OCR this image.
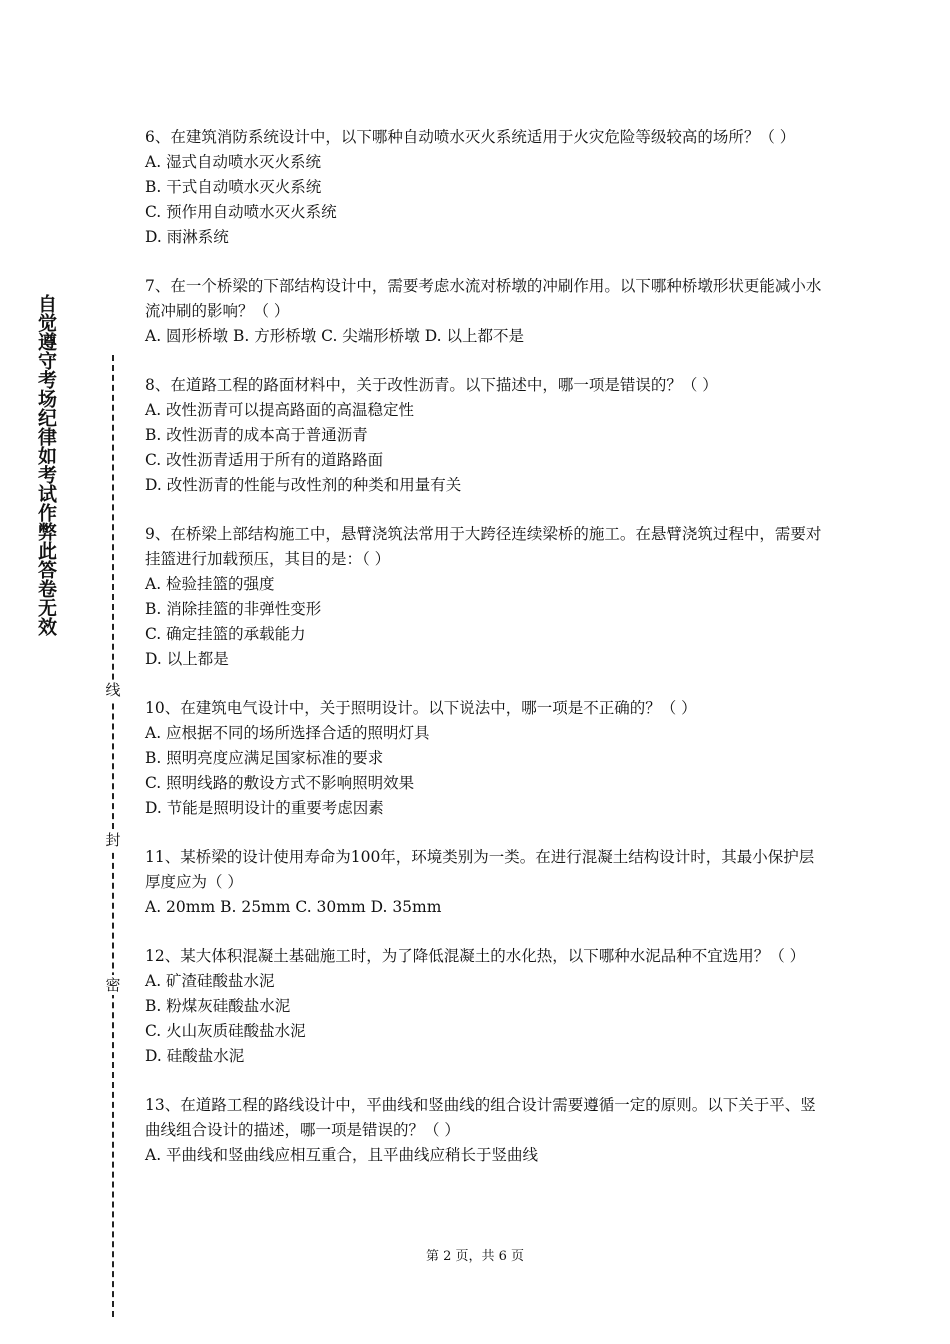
自觉遵守考场纪律如考试作弊此答卷无效
线
封
密

6、在建筑消防系统设计中，以下哪种自动喷水灭火系统适用于火灾危险等级较高的场所？（ ）

A. 湿式自动喷水灭火系统

B. 干式自动喷水灭火系统

C. 预作用自动喷水灭火系统

D. 雨淋系统

7、在一个桥梁的下部结构设计中，需要考虑水流对桥墩的冲刷作用。以下哪种桥墩形状更能减小水流冲刷的影响？（ ）

A. 圆形桥墩 B. 方形桥墩 C. 尖端形桥墩 D. 以上都不是

8、在道路工程的路面材料中，关于改性沥青。以下描述中，哪一项是错误的？（ ）

A. 改性沥青可以提高路面的高温稳定性

B. 改性沥青的成本高于普通沥青

C. 改性沥青适用于所有的道路路面

D. 改性沥青的性能与改性剂的种类和用量有关

9、在桥梁上部结构施工中，悬臂浇筑法常用于大跨径连续梁桥的施工。在悬臂浇筑过程中，需要对挂篮进行加载预压，其目的是：（ ）

A. 检验挂篮的强度

B. 消除挂篮的非弹性变形

C. 确定挂篮的承载能力

D. 以上都是

10、在建筑电气设计中，关于照明设计。以下说法中，哪一项是不正确的？（ ）

A. 应根据不同的场所选择合适的照明灯具

B. 照明亮度应满足国家标准的要求

C. 照明线路的敷设方式不影响照明效果

D. 节能是照明设计的重要考虑因素

11、某桥梁的设计使用寿命为100年，环境类别为一类。在进行混凝土结构设计时，其最小保护层厚度应为（ ）

A. 20mm B. 25mm C. 30mm D. 35mm

12、某大体积混凝土基础施工时，为了降低混凝土的水化热，以下哪种水泥品种不宜选用？（ ）

A. 矿渣硅酸盐水泥

B. 粉煤灰硅酸盐水泥

C. 火山灰质硅酸盐水泥

D. 硅酸盐水泥

13、在道路工程的路线设计中，平曲线和竖曲线的组合设计需要遵循一定的原则。以下关于平、竖曲线组合设计的描述，哪一项是错误的？（ ）

A. 平曲线和竖曲线应相互重合，且平曲线应稍长于竖曲线

第 2 页，共 6 页
